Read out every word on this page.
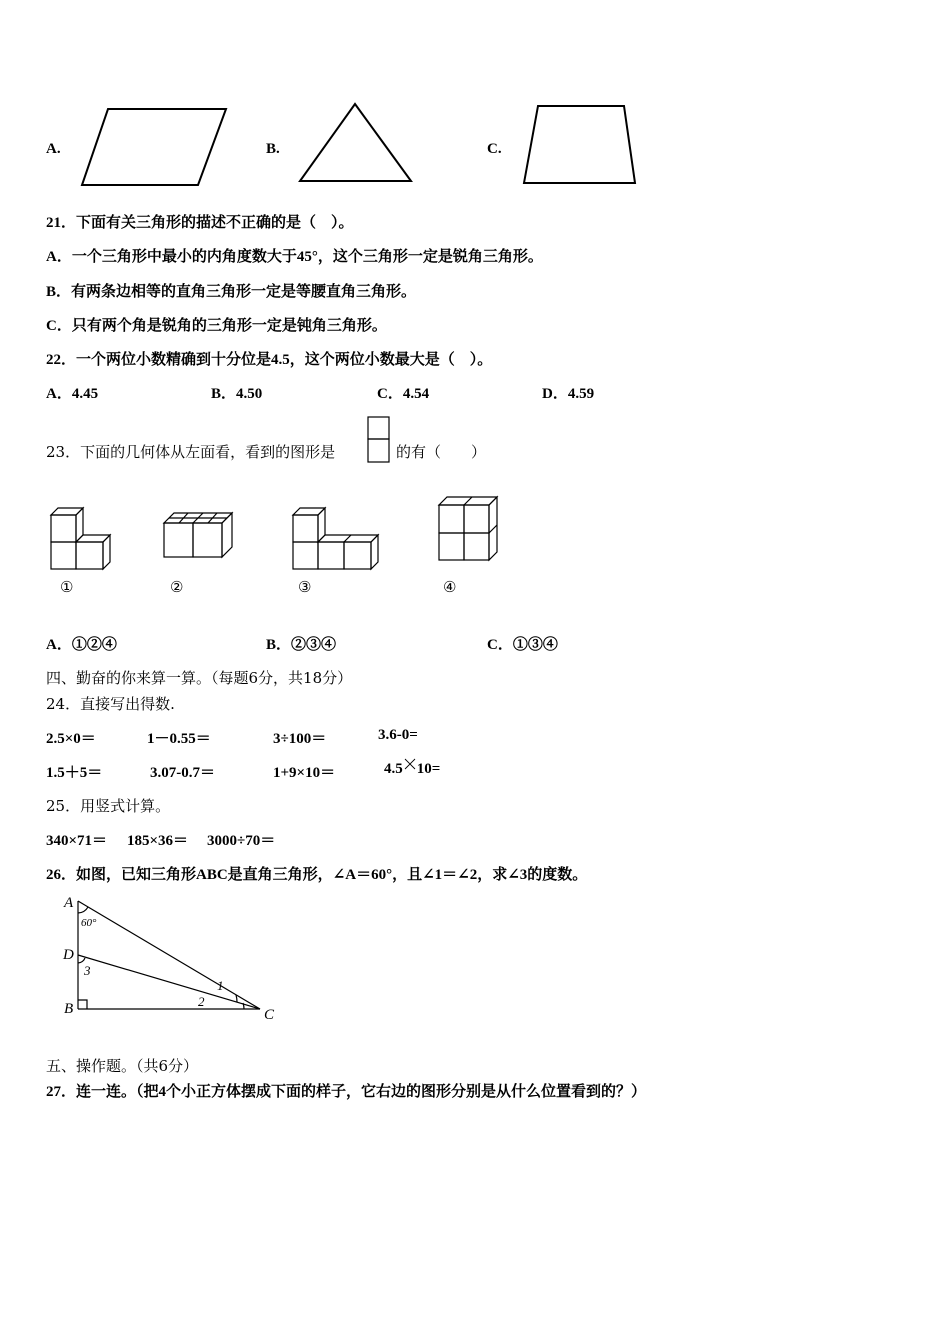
A.	B.	C.
21．下面有关三角形的描述不正确的是（　）。
A．一个三角形中最小的内角度数大于45°，这个三角形一定是锐角三角形。
B．有两条边相等的直角三角形一定是等腰直角三角形。
C．只有两个角是锐角的三角形一定是钝角三角形。
22．一个两位小数精确到十分位是4.5，这个两位小数最大是（　）。
A．4.45	B．4.50	C．4.54	D．4.59
23．下面的几何体从左面看，看到的图形是	的有（　　）
①	②	③	④
A．①②④	B．②③④	C．①③④
四、勤奋的你来算一算。（每题6分，共18分）
24．直接写出得数.
2.5×0＝	1－0.55＝	3÷100＝	3.6-0=
1.5＋5＝	3.07-0.7＝	1+9×10＝	4.5 10=
25．用竖式计算。
340×71＝ 185×36＝ 3000÷70＝
26．如图，已知三角形ABC是直角三角形，∠A＝60°，且∠1＝∠2，求∠3的度数。
A
60°
D
3
B
1
2
C
五、操作题。（共6分）
27．连一连。（把4个小正方体摆成下面的样子，它右边的图形分别是从什么位置看到的？）
